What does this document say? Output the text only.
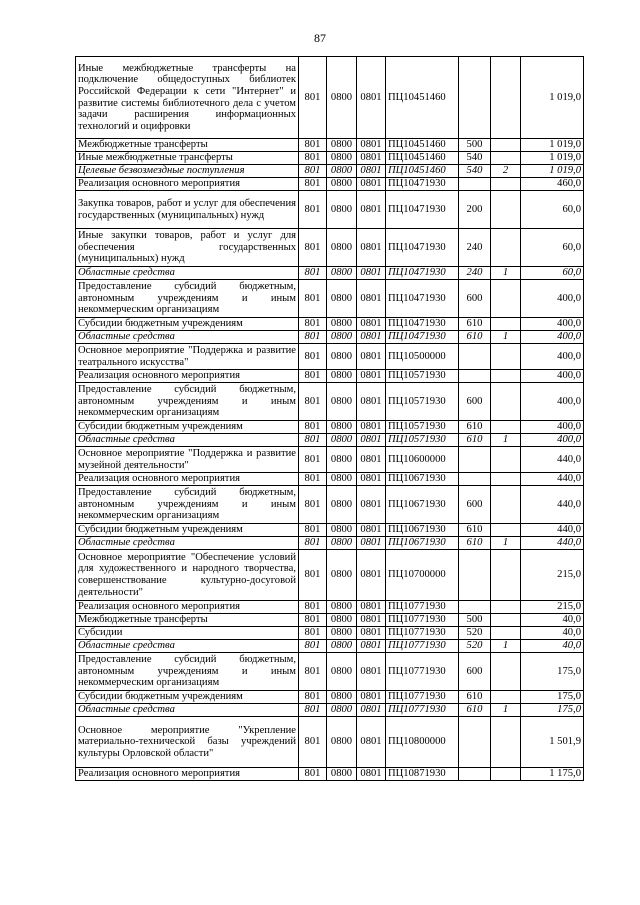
87
Иные межбюджетные трансферты на подключение общедоступных библиотек Российской Федерации к сети "Интернет" и развитие системы библиотечного дела с учетом задачи расширения информационных технологий и оцифровки	801	0800	0801	ПЦ10451460			1 019,0
Межбюджетные трансферты	801	0800	0801	ПЦ10451460	500		1 019,0
Иные межбюджетные трансферты	801	0800	0801	ПЦ10451460	540		1 019,0
Целевые безвозмездные поступления	801	0800	0801	ПЦ10451460	540	2	1 019,0
Реализация основного мероприятия	801	0800	0801	ПЦ10471930			460,0
Закупка товаров, работ и услуг для обеспечения государственных (муниципальных) нужд	801	0800	0801	ПЦ10471930	200		60,0
Иные закупки товаров, работ и услуг для обеспечения государственных (муниципальных) нужд	801	0800	0801	ПЦ10471930	240		60,0
Областные средства	801	0800	0801	ПЦ10471930	240	1	60,0
Предоставление субсидий бюджетным, автономным учреждениям и иным некоммерческим организациям	801	0800	0801	ПЦ10471930	600		400,0
Субсидии бюджетным учреждениям	801	0800	0801	ПЦ10471930	610		400,0
Областные средства	801	0800	0801	ПЦ10471930	610	1	400,0
Основное мероприятие "Поддержка и развитие театрального искусства"	801	0800	0801	ПЦ10500000			400,0
Реализация основного мероприятия	801	0800	0801	ПЦ10571930			400,0
Предоставление субсидий бюджетным, автономным учреждениям и иным некоммерческим организациям	801	0800	0801	ПЦ10571930	600		400,0
Субсидии бюджетным учреждениям	801	0800	0801	ПЦ10571930	610		400,0
Областные средства	801	0800	0801	ПЦ10571930	610	1	400,0
Основное мероприятие "Поддержка и развитие музейной деятельности"	801	0800	0801	ПЦ10600000			440,0
Реализация основного мероприятия	801	0800	0801	ПЦ10671930			440,0
Предоставление субсидий бюджетным, автономным учреждениям и иным некоммерческим организациям	801	0800	0801	ПЦ10671930	600		440,0
Субсидии бюджетным учреждениям	801	0800	0801	ПЦ10671930	610		440,0
Областные средства	801	0800	0801	ПЦ10671930	610	1	440,0
Основное мероприятие "Обеспечение условий для художественного и народного творчества, совершенствование культурно-досуговой деятельности"	801	0800	0801	ПЦ10700000			215,0
Реализация основного мероприятия	801	0800	0801	ПЦ10771930			215,0
Межбюджетные трансферты	801	0800	0801	ПЦ10771930	500		40,0
Субсидии	801	0800	0801	ПЦ10771930	520		40,0
Областные средства	801	0800	0801	ПЦ10771930	520	1	40,0
Предоставление субсидий бюджетным, автономным учреждениям и иным некоммерческим организациям	801	0800	0801	ПЦ10771930	600		175,0
Субсидии бюджетным учреждениям	801	0800	0801	ПЦ10771930	610		175,0
Областные средства	801	0800	0801	ПЦ10771930	610	1	175,0
Основное мероприятие "Укрепление материально-технической базы учреждений культуры Орловской области"	801	0800	0801	ПЦ10800000			1 501,9
Реализация основного мероприятия	801	0800	0801	ПЦ10871930			1 175,0
